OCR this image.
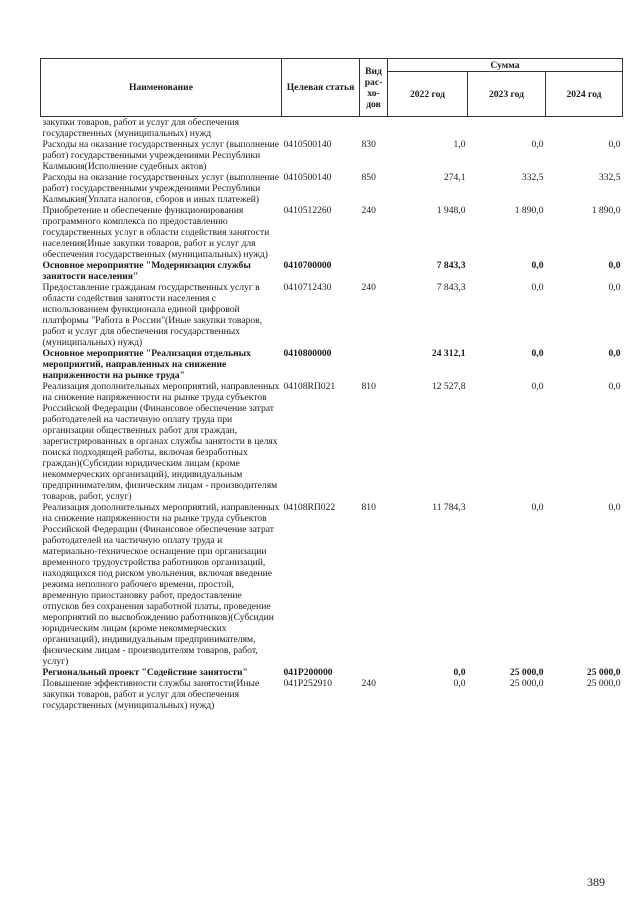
Наименование	Целевая статья	Вид рас-хо-дов	Сумма		
			2022 год	2023 год	2024 год
закупки товаров, работ и услуг для обеспечения государственных (муниципальных) нужд					
Расходы на оказание государственных услуг (выполнение работ) государственными учреждениями Республики Калмыкия(Исполнение судебных актов)	0410500140	830	1,0	0,0	0,0
Расходы на оказание государственных услуг (выполнение работ) государственными учреждениями Республики Калмыкия(Уплата налогов, сборов и иных платежей)	0410500140	850	274,1	332,5	332,5
Приобретение и обеспечение функционирования программного комплекса по предоставлению государственных услуг в области содействия занятости населения(Иные закупки товаров, работ и услуг для обеспечения государственных (муниципальных) нужд)	0410512260	240	1 948,0	1 890,0	1 890,0
Основное мероприятие "Модернизация службы занятости населения"	0410700000		7 843,3	0,0	0,0
Предоставление гражданам государственных услуг в области содействия занятости населения с использованием функционала единой цифровой платформы "Работа в России"(Иные закупки товаров, работ и услуг для обеспечения государственных (муниципальных) нужд)	0410712430	240	7 843,3	0,0	0,0
Основное мероприятие "Реализация отдельных мероприятий, направленных на снижение напряженности на рынке труда"	0410800000		24 312,1	0,0	0,0
Реализация дополнительных мероприятий, направленных на снижение напряженности на рынке труда субъектов Российской Федерации (Финансовое обеспечение затрат работодателей на частичную оплату труда при организации общественных работ для граждан, зарегистрированных в органах службы занятости в целях поиска подходящей работы, включая безработных граждан)(Субсидии юридическим лицам (кроме некоммерческих организаций), индивидуальным предпринимателям, физическим лицам - производителям товаров, работ, услуг)	04108RП021	810	12 527,8	0,0	0,0
Реализация дополнительных мероприятий, направленных на снижение напряженности на рынке труда субъектов Российской Федерации (Финансовое обеспечение затрат работодателей на частичную оплату труда и материально-техническое оснащение при организации временного трудоустройства работников организаций, находящихся под риском увольнения, включая введение режима неполного рабочего времени, простой, временную приостановку работ, предоставление отпусков без сохранения заработной платы, проведение мероприятий по высвобождению работников)(Субсидии юридическим лицам (кроме некоммерческих организаций), индивидуальным предпринимателям, физическим лицам - производителям товаров, работ, услуг)	04108RП022	810	11 784,3	0,0	0,0
Региональный проект "Содействие занятости"	041P200000		0,0	25 000,0	25 000,0
Повышение эффективности службы занятости(Иные закупки товаров, работ и услуг для обеспечения государственных (муниципальных) нужд)	041P252910	240	0,0	25 000,0	25 000,0
389
